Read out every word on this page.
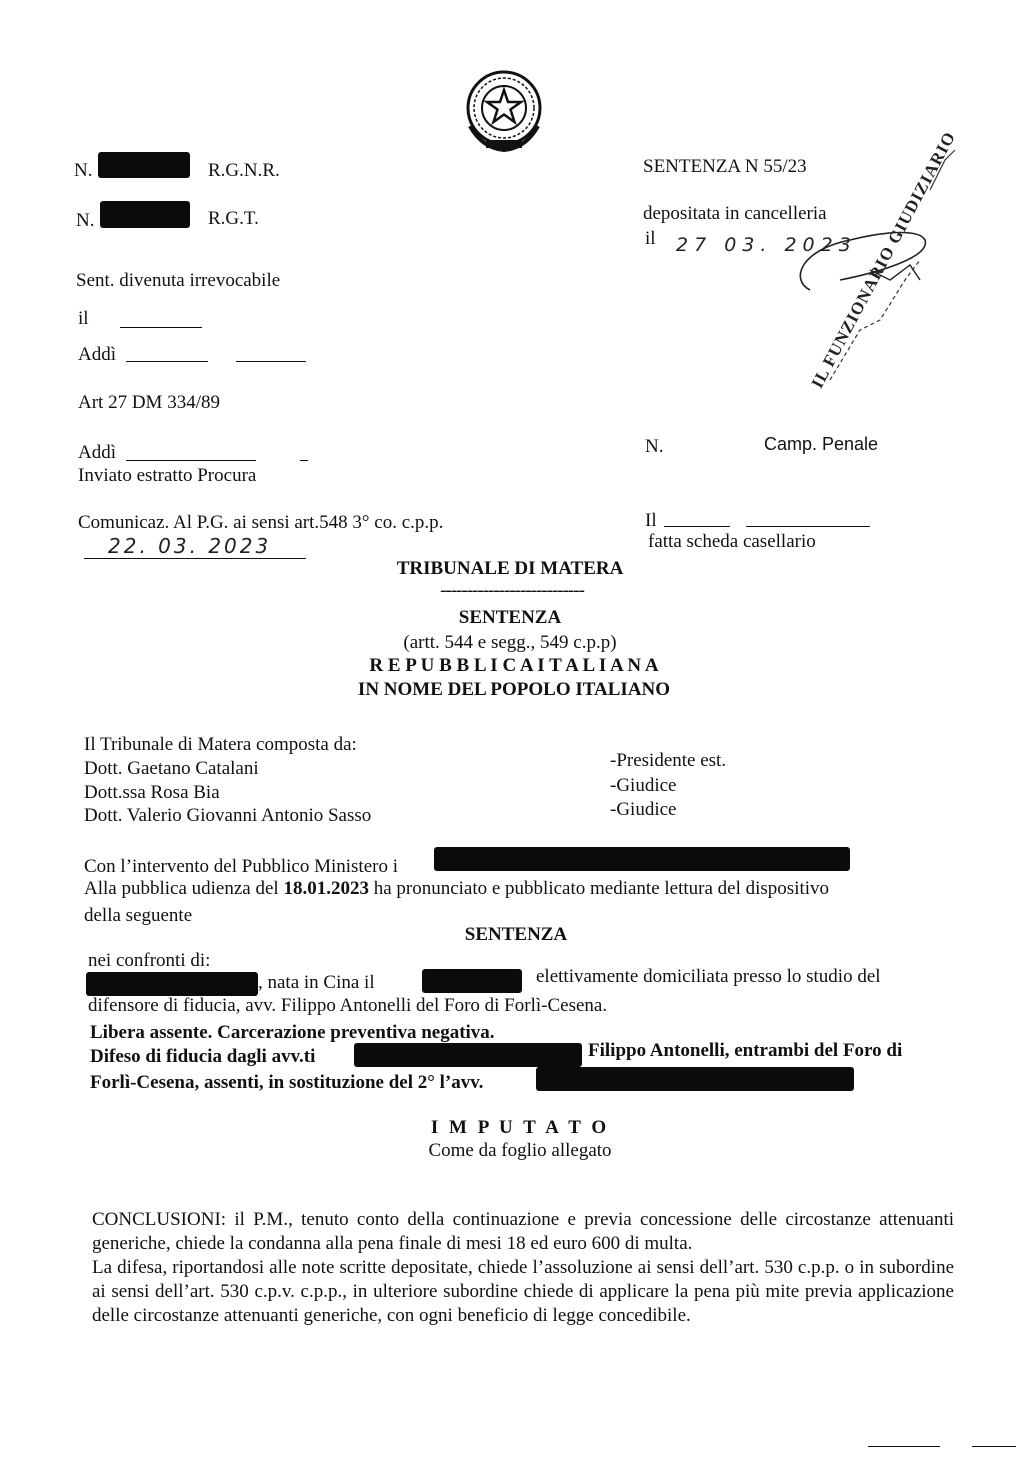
N.	R.G.N.R.
N.	R.G.T.
Sent. divenuta irrevocabile
il
Addì
Art 27 DM 334/89
Addì
Inviato estratto Procura
Comunicaz. Al P.G. ai sensi art.548 3° co. c.p.p.
22. 03. 2023
SENTENZA N 55/23
depositata in cancelleria
il 27 03. 2023
IL FUNZIONARIO GIUDIZIARIO
N.	Camp. Penale
Il
fatta scheda casellario
TRIBUNALE DI MATERA
---------------------------
SENTENZA
(artt. 544 e segg., 549 c.p.p)
R E P U B B L I C A I T A L I A N A
IN NOME DEL POPOLO ITALIANO
Il Tribunale di Matera composta da:
Dott. Gaetano Catalani
Dott.ssa Rosa Bia
Dott. Valerio Giovanni Antonio Sasso
-Presidente est.
-Giudice
-Giudice
Con l’intervento del Pubblico Ministero i
Alla pubblica udienza del 18.01.2023 ha pronunciato e pubblicato mediante lettura del dispositivo
della seguente
SENTENZA
nei confronti di:
, nata in Cina il	elettivamente domiciliata presso lo studio del
difensore di fiducia, avv. Filippo Antonelli del Foro di Forlì-Cesena.
Libera assente. Carcerazione preventiva negativa.
Difeso di fiducia dagli avv.ti	Filippo Antonelli, entrambi del Foro di
Forlì-Cesena, assenti, in sostituzione del 2° l’avv.
I M P U T A T O
Come da foglio allegato
CONCLUSIONI: il P.M., tenuto conto della continuazione e previa concessione delle circostanze attenuanti generiche, chiede la condanna alla pena finale di mesi 18 ed euro 600 di multa.
La difesa, riportandosi alle note scritte depositate, chiede l’assoluzione ai sensi dell’art. 530 c.p.p. o in subordine ai sensi dell’art. 530 c.p.v. c.p.p., in ulteriore subordine chiede di applicare la pena più mite previa applicazione delle circostanze attenuanti generiche, con ogni beneficio di legge concedibile.
